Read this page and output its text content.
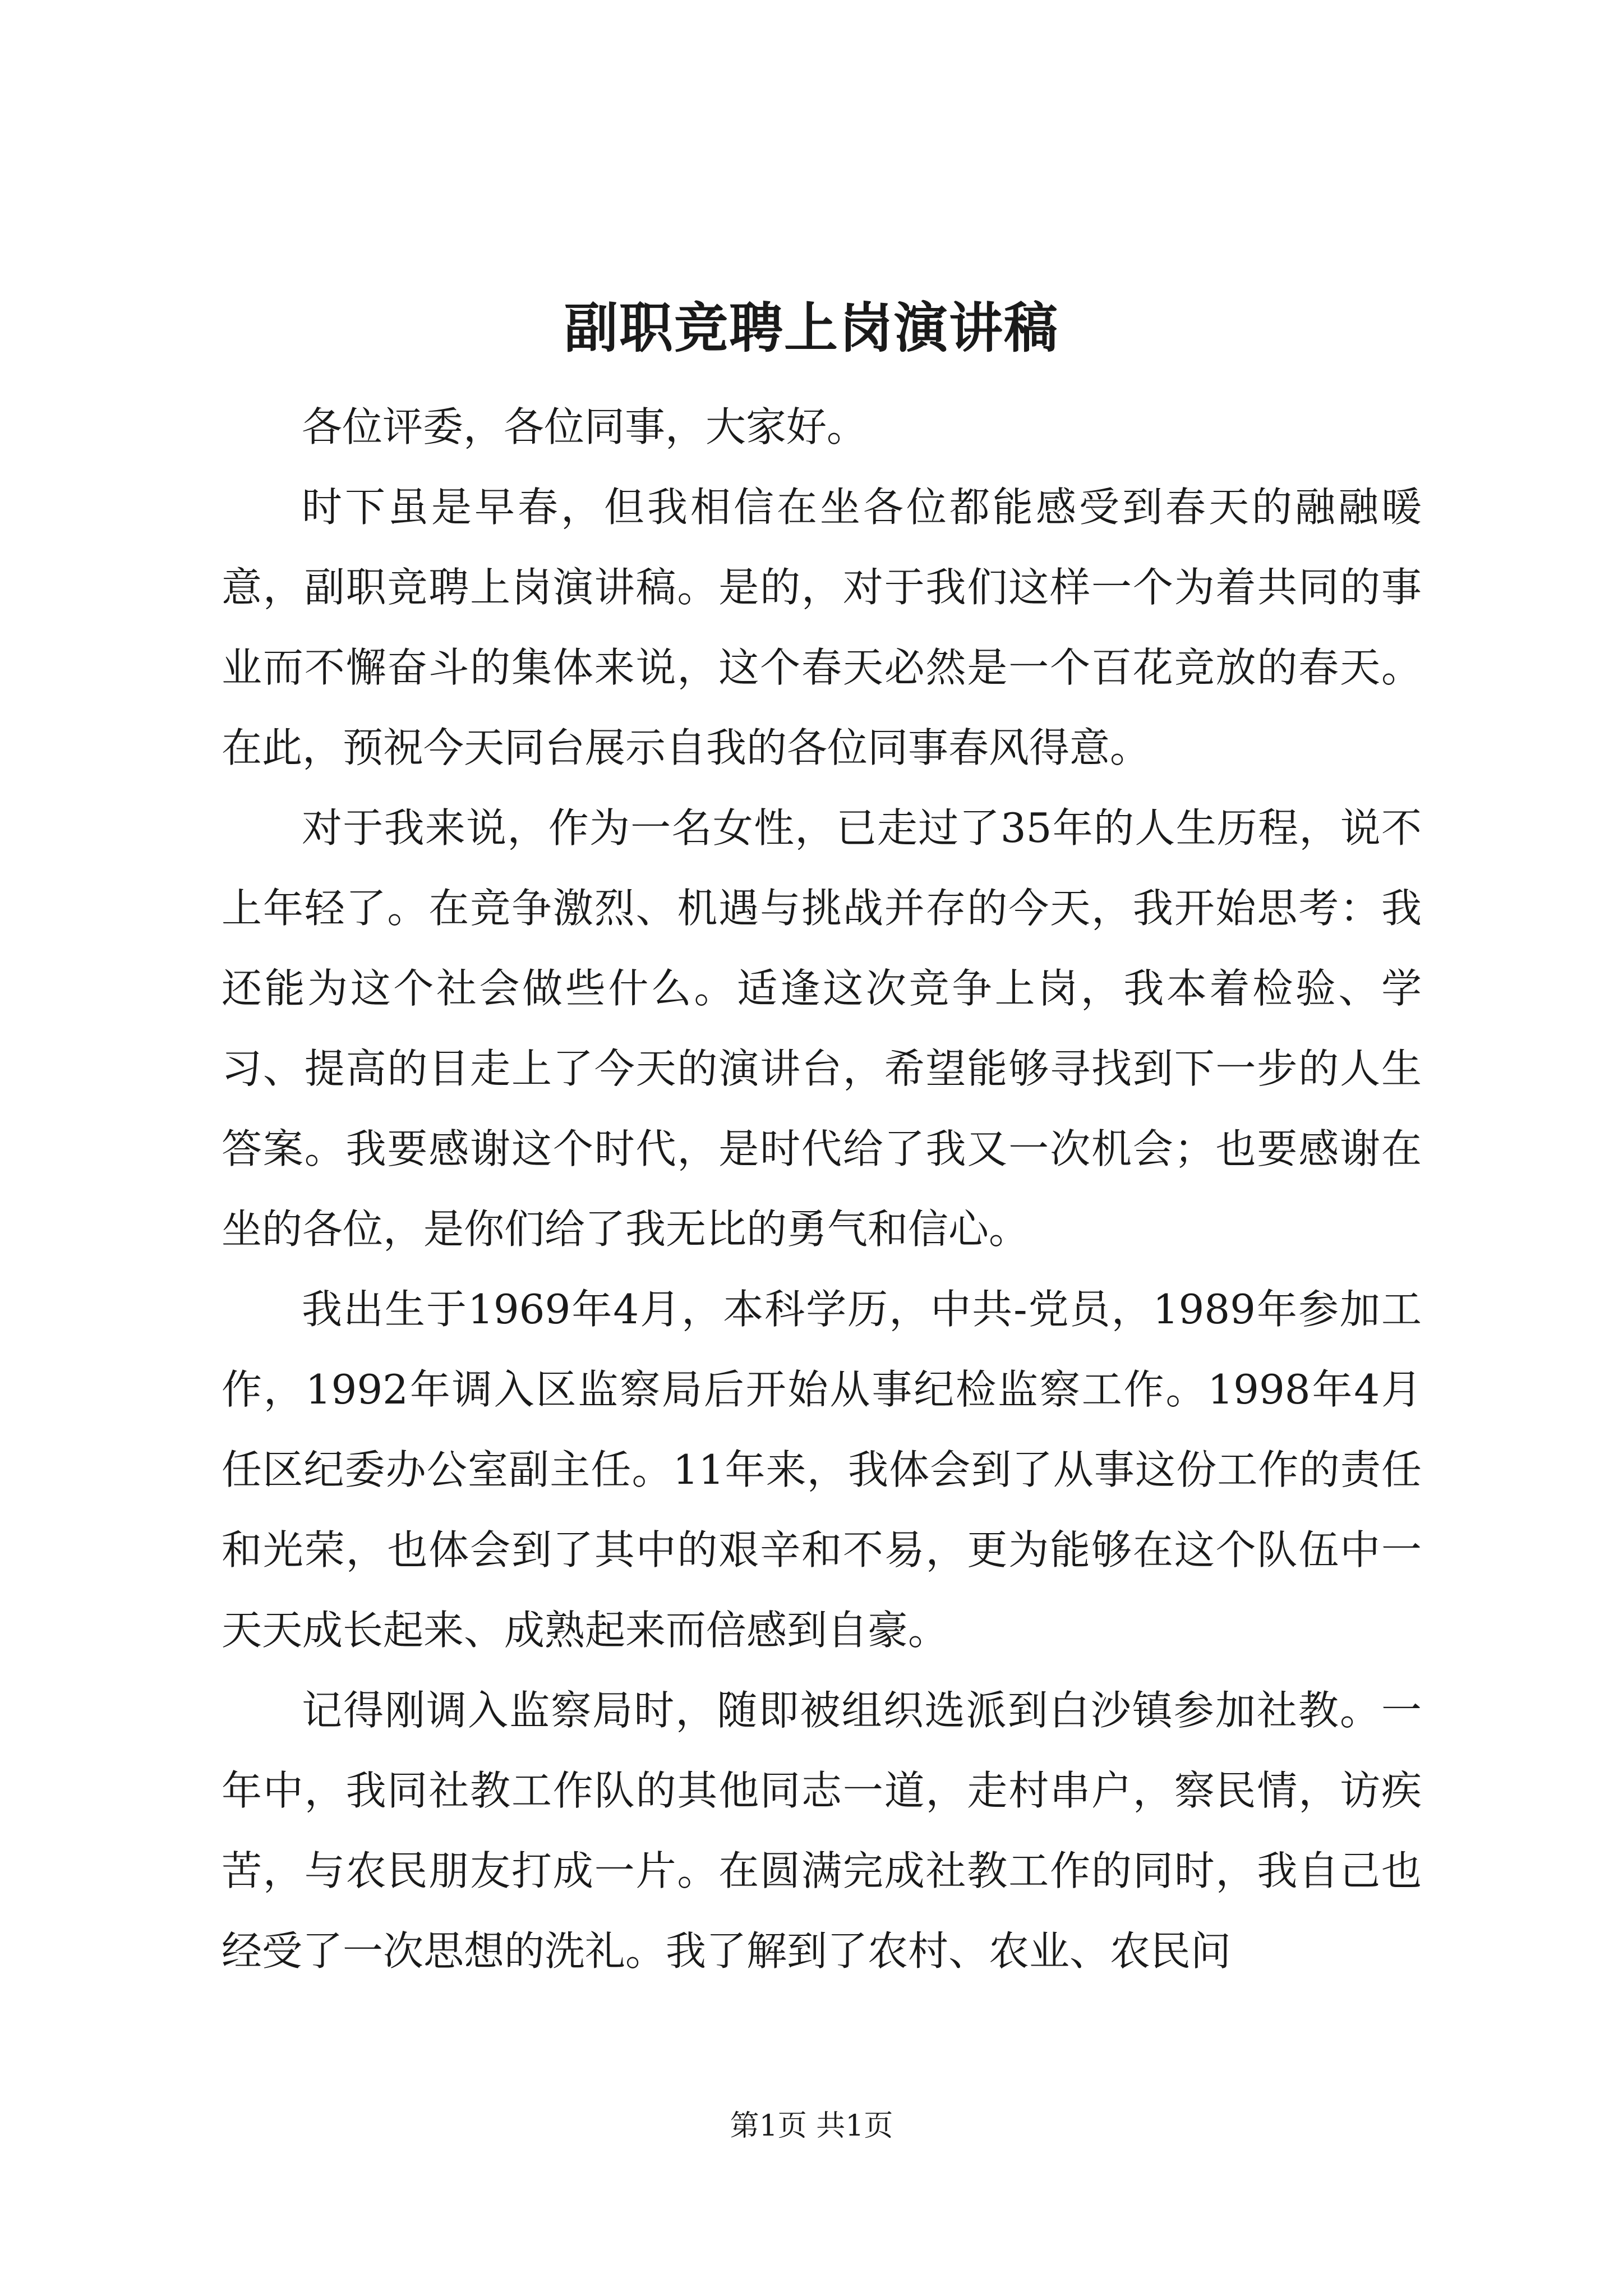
副职竞聘上岗演讲稿

各位评委，各位同事，大家好。

时下虽是早春，但我相信在坐各位都能感受到春天的融融暖意，副职竞聘上岗演讲稿。是的，对于我们这样一个为着共同的事业而不懈奋斗的集体来说，这个春天必然是一个百花竞放的春天。在此，预祝今天同台展示自我的各位同事春风得意。

对于我来说，作为一名女性，已走过了35年的人生历程，说不上年轻了。在竞争激烈、机遇与挑战并存的今天，我开始思考：我还能为这个社会做些什么。适逢这次竞争上岗，我本着检验、学习、提高的目走上了今天的演讲台，希望能够寻找到下一步的人生答案。我要感谢这个时代，是时代给了我又一次机会；也要感谢在坐的各位，是你们给了我无比的勇气和信心。

我出生于1969年4月，本科学历，中共-党员，1989年参加工作，1992年调入区监察局后开始从事纪检监察工作。1998年4月任区纪委办公室副主任。11年来，我体会到了从事这份工作的责任和光荣，也体会到了其中的艰辛和不易，更为能够在这个队伍中一天天成长起来、成熟起来而倍感到自豪。

记得刚调入监察局时，随即被组织选派到白沙镇参加社教。一年中，我同社教工作队的其他同志一道，走村串户，察民情，访疾苦，与农民朋友打成一片。在圆满完成社教工作的同时，我自己也经受了一次思想的洗礼。我了解到了农村、农业、农民问

第1页 共1页
